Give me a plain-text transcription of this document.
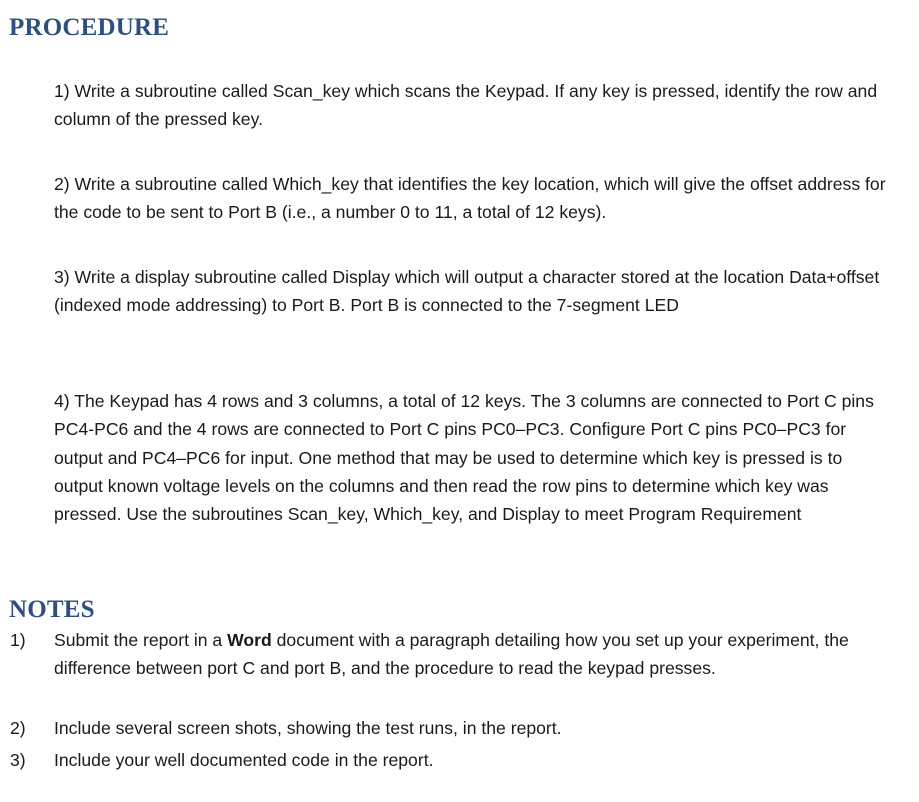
PROCEDURE

1) Write a subroutine called Scan_key which scans the Keypad. If any key is pressed, identify the row and column of the pressed key.

2) Write a subroutine called Which_key that identifies the key location, which will give the offset address for the code to be sent to Port B (i.e., a number 0 to 11, a total of 12 keys).

3) Write a display subroutine called Display which will output a character stored at the location Data+offset (indexed mode addressing) to Port B. Port B is connected to the 7-segment LED

4) The Keypad has 4 rows and 3 columns, a total of 12 keys. The 3 columns are connected to Port C pins PC4-PC6 and the 4 rows are connected to Port C pins PC0–PC3. Configure Port C pins PC0–PC3 for output and PC4–PC6 for input. One method that may be used to determine which key is pressed is to output known voltage levels on the columns and then read the row pins to determine which key was pressed. Use the subroutines Scan_key, Which_key, and Display to meet Program Requirement

NOTES
1) Submit the report in a Word document with a paragraph detailing how you set up your experiment, the difference between port C and port B, and the procedure to read the keypad presses.
2) Include several screen shots, showing the test runs, in the report.
3) Include your well documented code in the report.
